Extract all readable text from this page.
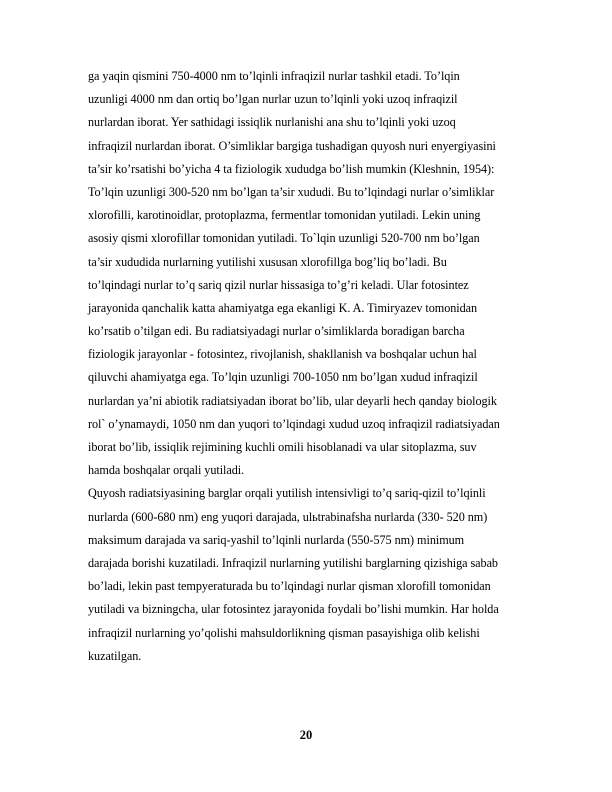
ga yaqin qismini 750-4000 nm to’lqinli infraqizil nurlar tashkil etadi. To’lqin
uzunligi 4000 nm dan ortiq bo’lgan nurlar uzun to’lqinli yoki uzoq infraqizil
nurlardan iborat. Yer sathidagi issiqlik nurlanishi ana shu to’lqinli yoki uzoq
infraqizil nurlardan iborat. O’simliklar bargiga tushadigan quyosh nuri enyergiyasini
ta’sir ko’rsatishi bo’yicha 4 ta fiziologik xududga bo’lish mumkin (Kleshnin, 1954):
To’lqin uzunligi 300-520 nm bo’lgan ta’sir xududi. Bu to’lqindagi nurlar o’simliklar
xlorofilli, karotinoidlar, protoplazma, fermentlar tomonidan yutiladi. Lekin uning
asosiy qismi xlorofillar tomonidan yutiladi. To`lqin uzunligi 520-700 nm bo’lgan
ta’sir xududida nurlarning yutilishi xususan xlorofillga bog’liq bo’ladi. Bu
to’lqindagi nurlar to’q sariq qizil nurlar hissasiga to’g’ri keladi. Ular fotosintez
jarayonida qanchalik katta ahamiyatga ega ekanligi K. A. Timiryazev tomonidan
ko’rsatib o’tilgan edi. Bu radiatsiyadagi nurlar o’simliklarda boradigan barcha
fiziologik jarayonlar - fotosintez, rivojlanish, shakllanish va boshqalar uchun hal
qiluvchi ahamiyatga ega. To’lqin uzunligi 700-1050 nm bo’lgan xudud infraqizil
nurlardan ya’ni abiotik radiatsiyadan iborat bo’lib, ular deyarli hech qanday biologik
rol` o’ynamaydi, 1050 nm dan yuqori to’lqindagi xudud uzoq infraqizil radiatsiyadan
iborat bo’lib, issiqlik rejimining kuchli omili hisoblanadi va ular sitoplazma, suv
hamda boshqalar orqali yutiladi.
Quyosh radiatsiyasining barglar orqali yutilish intensivligi to’q sariq-qizil to’lqinli
nurlarda (600-680 nm) eng yuqori darajada, ulьtrabinafsha nurlarda (330- 520 nm)
maksimum darajada va sariq-yashil to’lqinli nurlarda (550-575 nm) minimum
darajada borishi kuzatiladi. Infraqizil nurlarning yutilishi barglarning qizishiga sabab
bo’ladi, lekin past tempyeraturada bu to’lqindagi nurlar qisman xlorofill tomonidan
yutiladi va bizningcha, ular fotosintez jarayonida foydali bo’lishi mumkin. Har holda
infraqizil nurlarning yo’qolishi mahsuldorlikning qisman pasayishiga olib kelishi
kuzatilgan.
20
